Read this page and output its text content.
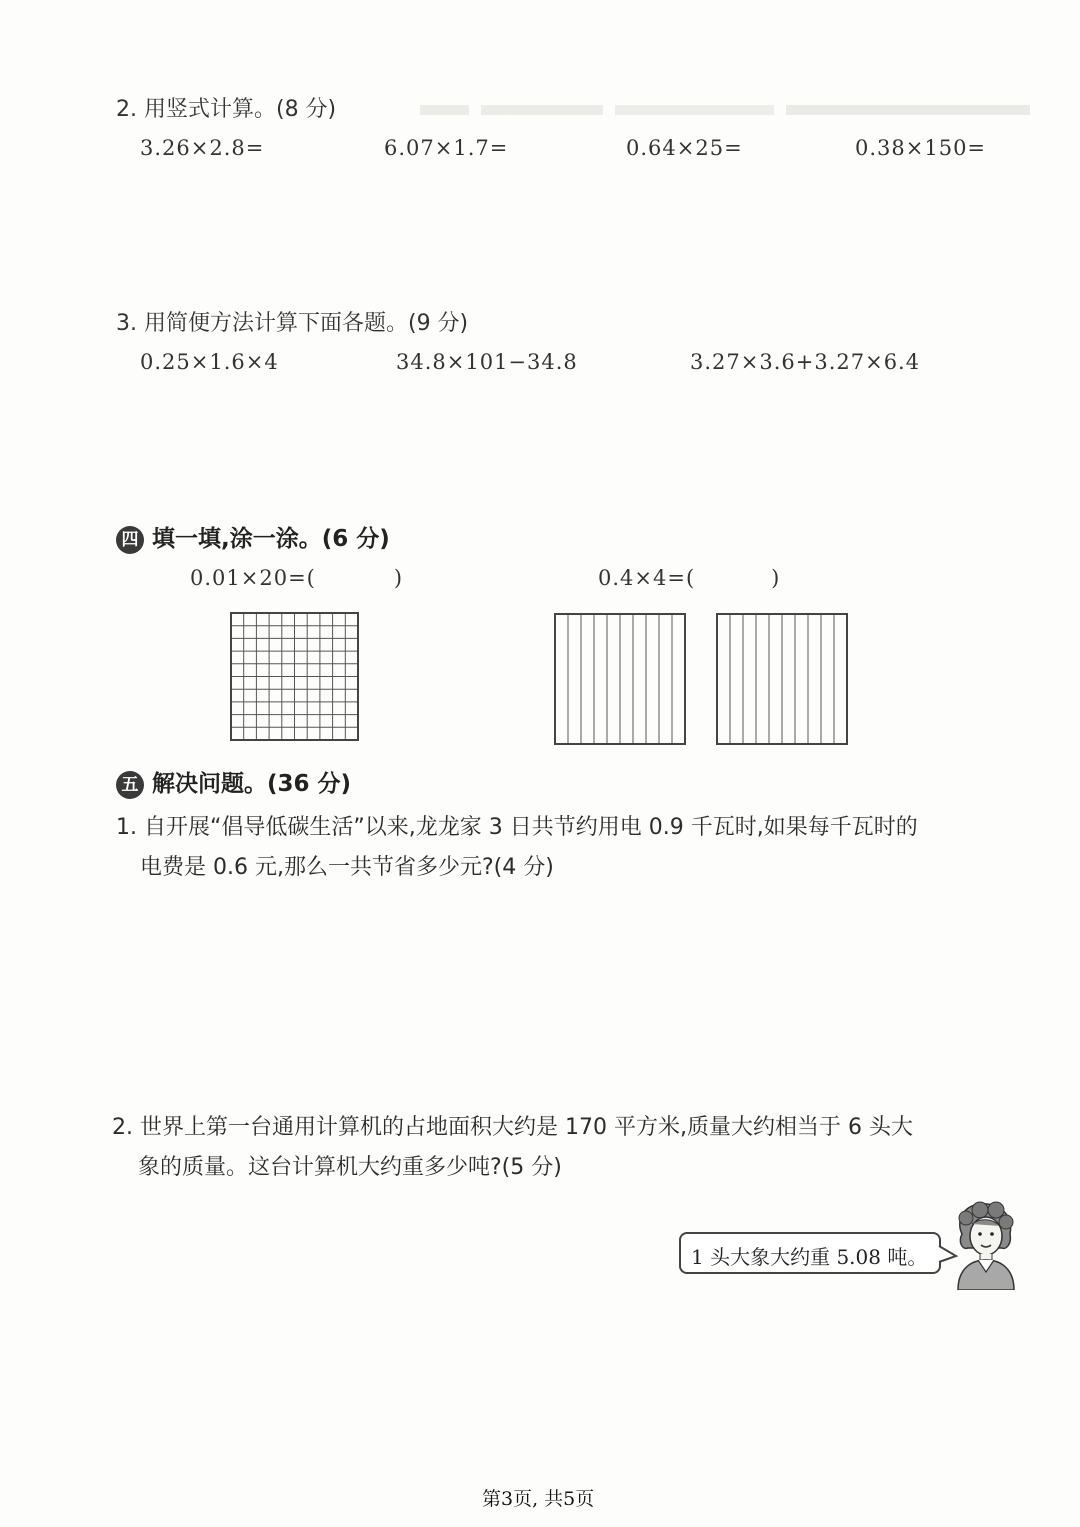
2. 用竖式计算。(8 分)
3.26×2.8=	6.07×1.7=	0.64×25=	0.38×150=
3. 用简便方法计算下面各题。(9 分)
0.25×1.6×4	34.8×101−34.8	3.27×3.6+3.27×6.4
四 填一填,涂一涂。(6 分)
0.01×20=(	)	0.4×4=(	)
五 解决问题。(36 分)
1. 自开展“倡导低碳生活”以来,龙龙家 3 日共节约用电 0.9 千瓦时,如果每千瓦时的
电费是 0.6 元,那么一共节省多少元?(4 分)
2. 世界上第一台通用计算机的占地面积大约是 170 平方米,质量大约相当于 6 头大
象的质量。这台计算机大约重多少吨?(5 分)
1 头大象大约重 5.08 吨。
第3页, 共5页
